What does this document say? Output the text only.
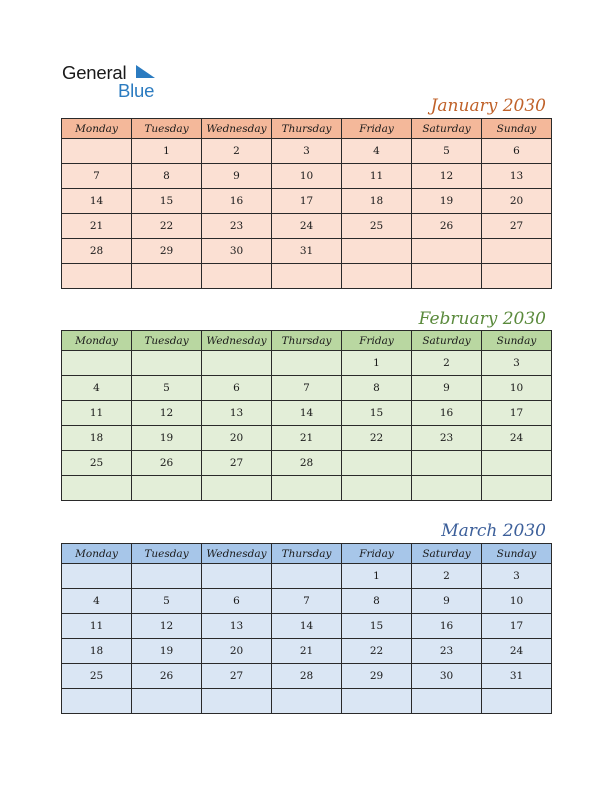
General
Blue
January 2030
Monday	Tuesday	Wednesday	Thursday	Friday	Saturday	Sunday
	1	2	3	4	5	6
7	8	9	10	11	12	13
14	15	16	17	18	19	20
21	22	23	24	25	26	27
28	29	30	31			

February 2030
Monday	Tuesday	Wednesday	Thursday	Friday	Saturday	Sunday
				1	2	3
4	5	6	7	8	9	10
11	12	13	14	15	16	17
18	19	20	21	22	23	24
25	26	27	28			

March 2030
Monday	Tuesday	Wednesday	Thursday	Friday	Saturday	Sunday
				1	2	3
4	5	6	7	8	9	10
11	12	13	14	15	16	17
18	19	20	21	22	23	24
25	26	27	28	29	30	31
